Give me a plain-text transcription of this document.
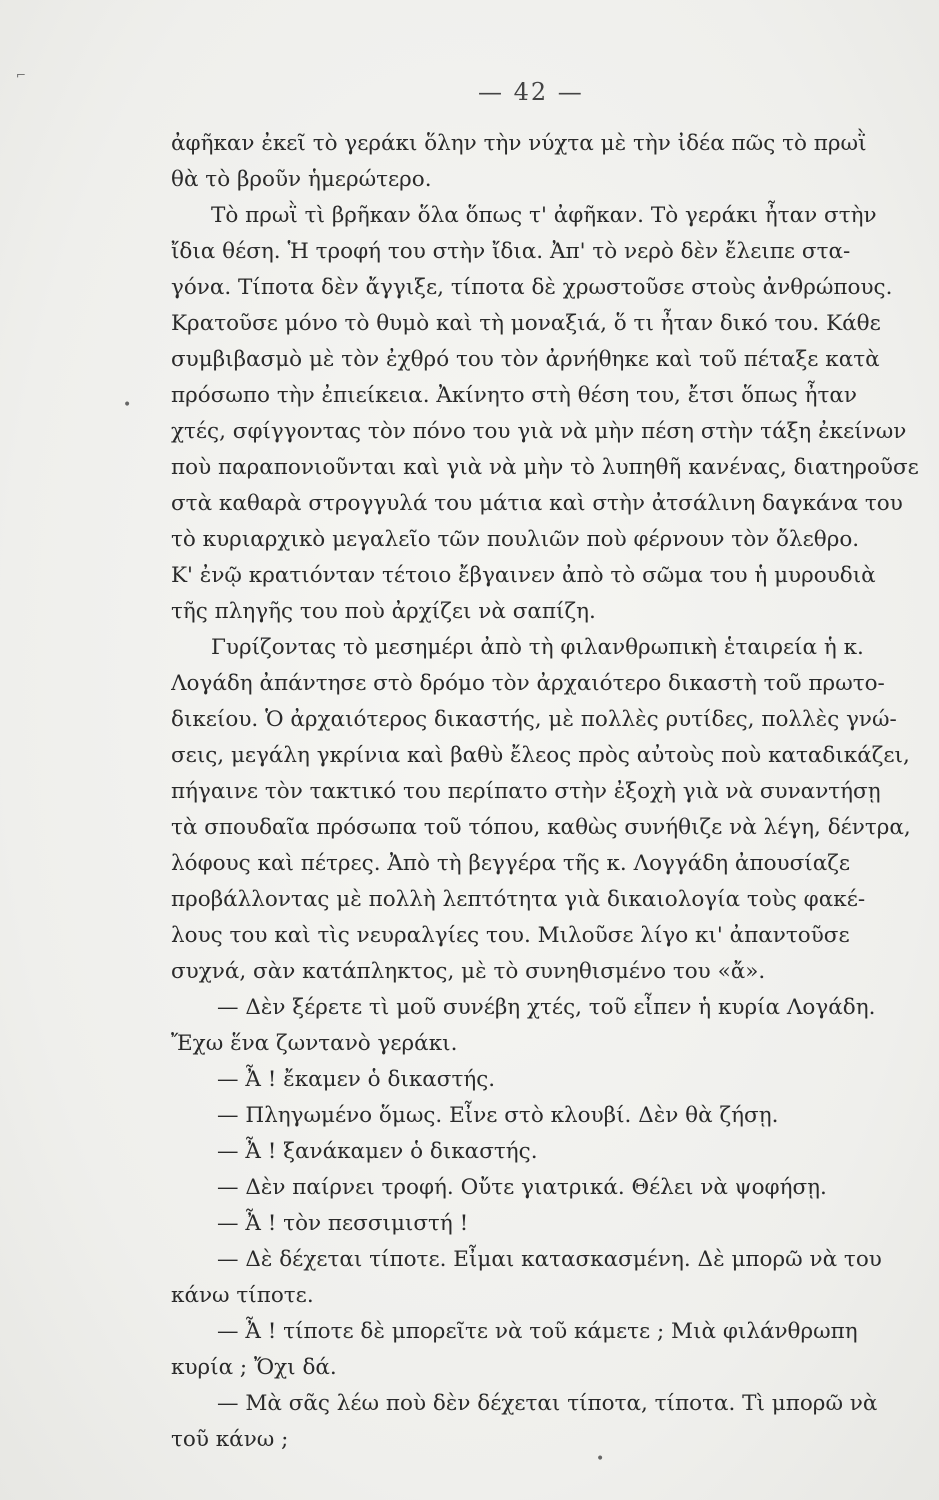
— 42 —
ἀφῆκαν ἐκεῖ τὸ γεράκι ὅλην τὴν νύχτα μὲ τὴν ἰδέα πῶς τὸ πρωῒ
θὰ τὸ βροῦν ἡμερώτερο.
Τὸ πρωῒ τὶ βρῆκαν ὅλα ὅπως τ' ἀφῆκαν. Τὸ γεράκι ἦταν στὴν
ἴδια θέση. Ἡ τροφή του στὴν ἴδια. Ἀπ' τὸ νερὸ δὲν ἔλειπε στα-
γόνα. Τίποτα δὲν ἄγγιξε, τίποτα δὲ χρωστοῦσε στοὺς ἀνθρώπους.
Κρατοῦσε μόνο τὸ θυμὸ καὶ τὴ μοναξιά, ὅ τι ἦταν δικό του. Κάθε
συμβιβασμὸ μὲ τὸν ἐχθρό του τὸν ἀρνήθηκε καὶ τοῦ πέταξε κατὰ
πρόσωπο τὴν ἐπιείκεια. Ἀκίνητο στὴ θέση του, ἔτσι ὅπως ἦταν
χτές, σφίγγοντας τὸν πόνο του γιὰ νὰ μὴν πέση στὴν τάξη ἐκείνων
ποὺ παραπονιοῦνται καὶ γιὰ νὰ μὴν τὸ λυπηθῆ κανένας, διατηροῦσε
στὰ καθαρὰ στρογγυλά του μάτια καὶ στὴν ἀτσάλινη δαγκάνα του
τὸ κυριαρχικὸ μεγαλεῖο τῶν πουλιῶν ποὺ φέρνουν τὸν ὄλεθρο.
Κ' ἐνῷ κρατιόνταν τέτοιο ἔβγαινεν ἀπὸ τὸ σῶμα του ἡ μυρουδιὰ
τῆς πληγῆς του ποὺ ἀρχίζει νὰ σαπίζη.
Γυρίζοντας τὸ μεσημέρι ἀπὸ τὴ φιλανθρωπικὴ ἑταιρεία ἡ κ.
Λογάδη ἀπάντησε στὸ δρόμο τὸν ἀρχαιότερο δικαστὴ τοῦ πρωτο-
δικείου. Ὁ ἀρχαιότερος δικαστής, μὲ πολλὲς ρυτίδες, πολλὲς γνώ-
σεις, μεγάλη γκρίνια καὶ βαθὺ ἔλεος πρὸς αὐτοὺς ποὺ καταδικάζει,
πήγαινε τὸν τακτικό του περίπατο στὴν ἐξοχὴ γιὰ νὰ συναντήσῃ
τὰ σπουδαῖα πρόσωπα τοῦ τόπου, καθὼς συνήθιζε νὰ λέγη, δέντρα,
λόφους καὶ πέτρες. Ἀπὸ τὴ βεγγέρα τῆς κ. Λογγάδη ἀπουσίαζε
προβάλλοντας μὲ πολλὴ λεπτότητα γιὰ δικαιολογία τοὺς φακέ-
λους του καὶ τὶς νευραλγίες του. Μιλοῦσε λίγο κι' ἀπαντοῦσε
συχνά, σὰν κατάπληκτος, μὲ τὸ συνηθισμένο του «ἄ».
— Δὲν ξέρετε τὶ μοῦ συνέβη χτές, τοῦ εἶπεν ἡ κυρία Λογάδη.
Ἔχω ἕνα ζωντανὸ γεράκι.
— Ἆ ! ἔκαμεν ὁ δικαστής.
— Πληγωμένο ὅμως. Εἶνε στὸ κλουβί. Δὲν θὰ ζήσῃ.
— Ἆ ! ξανάκαμεν ὁ δικαστής.
— Δὲν παίρνει τροφή. Οὔτε γιατρικά. Θέλει νὰ ψοφήσῃ.
— Ἆ ! τὸν πεσσιμιστή !
— Δὲ δέχεται τίποτε. Εἶμαι κατασκασμένη. Δὲ μπορῶ νὰ του
κάνω τίποτε.
— Ἆ ! τίποτε δὲ μπορεῖτε νὰ τοῦ κάμετε ; Μιὰ φιλάνθρωπη
κυρία ; Ὄχι δά.
— Μὰ σᾶς λέω ποὺ δὲν δέχεται τίποτα, τίποτα. Τὶ μπορῶ νὰ
τοῦ κάνω ;
•
•
⌐
